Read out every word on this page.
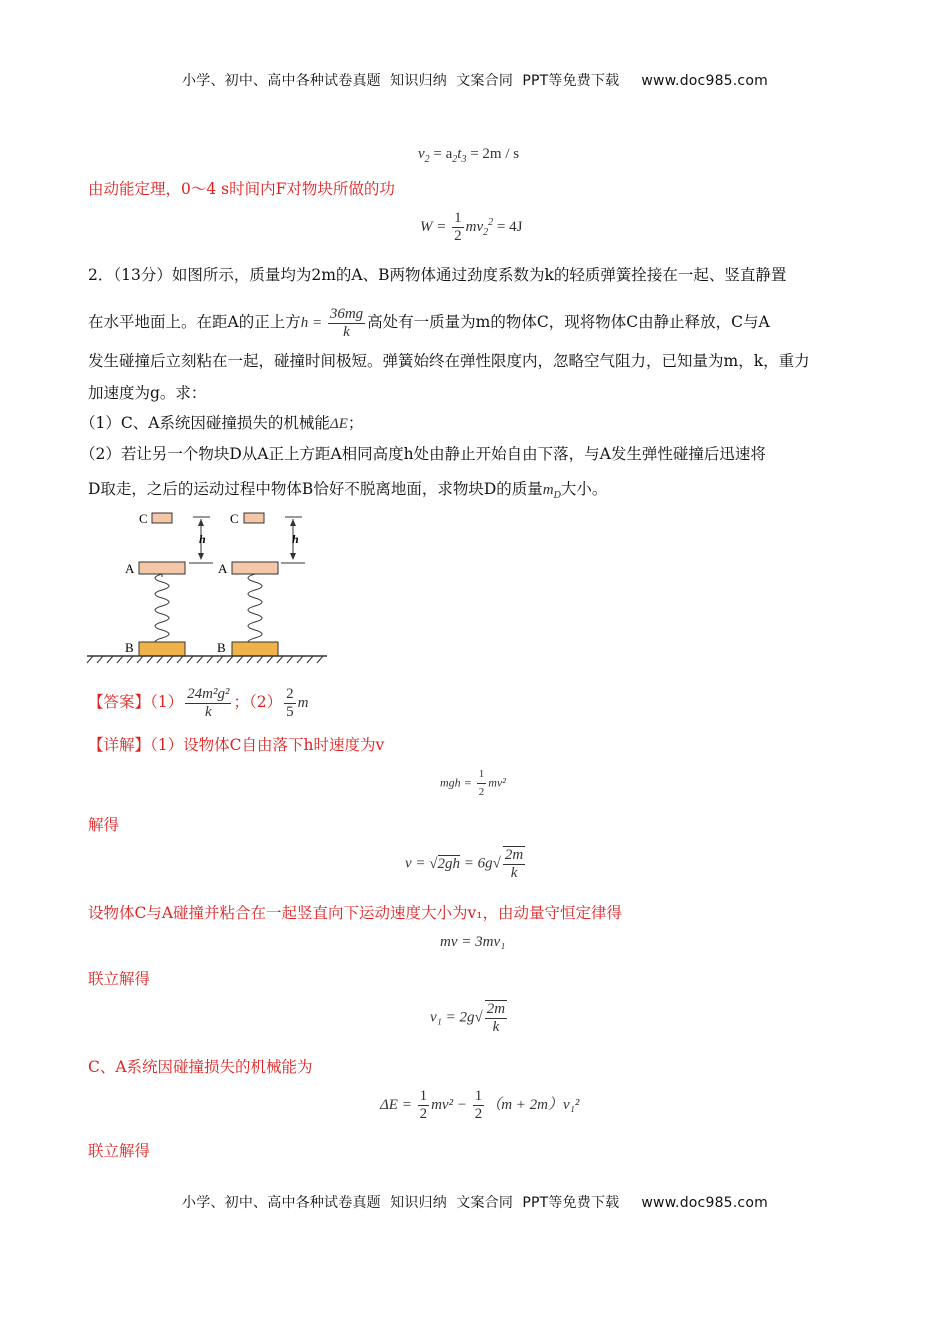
小学、初中、高中各种试卷真题  知识归纳  文案合同  PPT等免费下载 www.doc985.com
$v_2 = a_2t_3 = 2m / s$
由动能定理，0～4 s时间内F对物块所做的功
$W = \frac{1}{2} mv_2^2 = 4J$
2．（13分）如图所示，质量均为2m的A、B两物体通过劲度系数为k的轻质弹簧拴接在一起、竖直静置
在水平地面上。在距A的正上方$h = \frac{36mg}{k}$ 高处有一质量为m的物体C，现将物体C由静止释放，C与A
发生碰撞后立刻粘在一起，碰撞时间极短。弹簧始终在弹性限度内，忽略空气阻力，已知量为m，k，重力
加速度为g。求：
（1）C、A系统因碰撞损失的机械能ΔE；
（2）若让另一个物块D从A正上方距A相同高度h处由静止开始自由下落，与A发生弹性碰撞后迅速将
D取走，之后的运动过程中物体B恰好不脱离地面，求物块D的质量$m_D$大小。
C
h
A
B
C
h
A
B
【答案】$(1) \frac{\text{24m²g²}}{k}$ ；$(2) \frac{2}{5}$ m
【详解】（1）设物体C自由落下h时速度为v
mgh = $\frac{1}{2} mv^2$
解得
$v = √2gh = 6g√ \frac{2m}{k}$
设物体C与A碰撞并粘合在一起竖直向下运动速度大小为v₁，由动量守恒定律得
mv = 3mv₁
联立解得
$v_1 = 2g√ \frac{2m}{k}$
C、A系统因碰撞损失的机械能为
$\Delta E = \frac{1}{2} mv^2 - \frac{1}{2} (m + 2m)v_1^2$
联立解得
小学、初中、高中各种试卷真题  知识归纳  文案合同  PPT等免费下载 www.doc985.com
